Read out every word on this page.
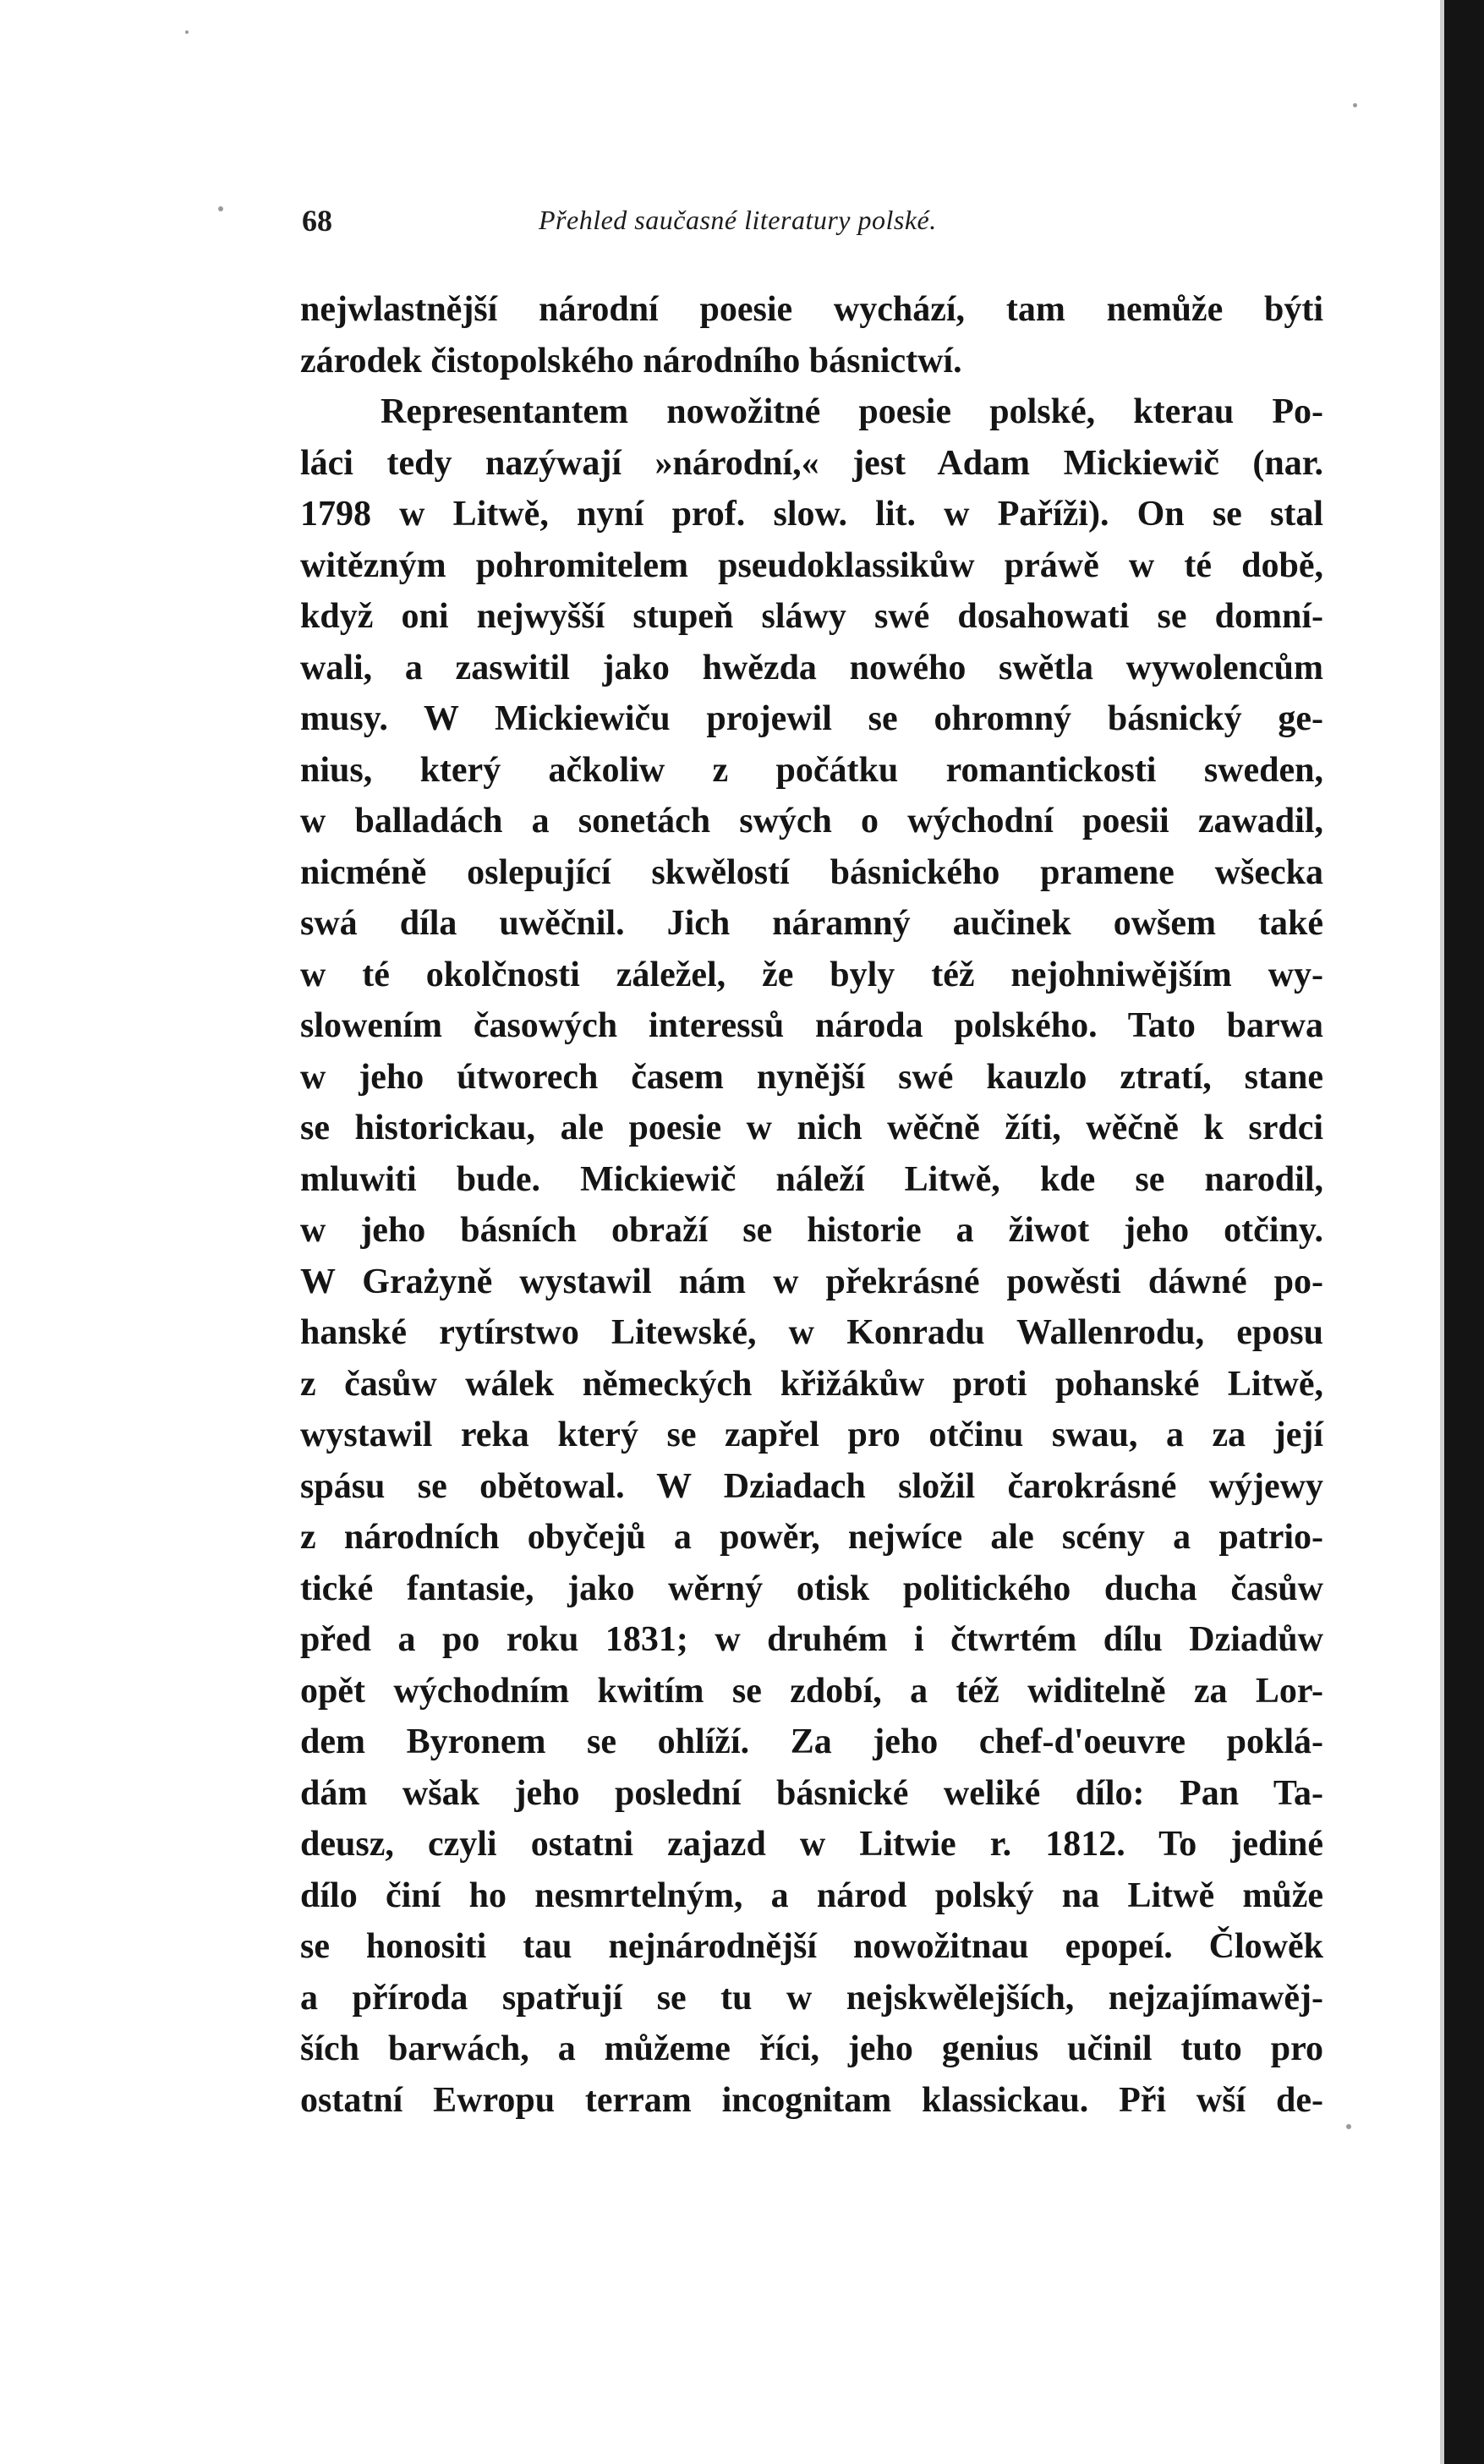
68	Přehled saučasné literatury polské.
nejwlastnější národní poesie wychází, tam nemůže býti
zárodek čistopolského národního básnictwí.
Representantem nowožitné poesie polské, kterau Po-
láci tedy nazýwají »národní,« jest Adam Mickiewič (nar.
1798 w Litwě, nyní prof. slow. lit. w Paříži). On se stal
witězným pohromitelem pseudoklassikůw práwě w té době,
když oni nejwyšší stupeň sláwy swé dosahowati se domní-
wali, a zaswitil jako hwězda nowého swětla wywolencům
musy. W Mickiewiču projewil se ohromný básnický ge-
nius, který ačkoliw z počátku romantickosti sweden,
w balladách a sonetách swých o wýchodní poesii zawadil,
nicméně oslepující skwělostí básnického pramene wšecka
swá díla uwěčnil. Jich náramný aučinek owšem také
w té okolčnosti záležel, že byly též nejohniwějším wy-
slowením časowých interessů národa polského. Tato barwa
w jeho útworech časem nynější swé kauzlo ztratí, stane
se historickau, ale poesie w nich wěčně žíti, wěčně k srdci
mluwiti bude. Mickiewič náleží Litwě, kde se narodil,
w jeho básních obraží se historie a žiwot jeho otčiny.
W Grażyně wystawil nám w překrásné powěsti dáwné po-
hanské rytírstwo Litewské, w Konradu Wallenrodu, eposu
z časůw wálek německých křižákůw proti pohanské Litwě,
wystawil reka který se zapřel pro otčinu swau, a za její
spásu se obětowal. W Dziadach složil čarokrásné wýjewy
z národních obyčejů a powěr, nejwíce ale scény a patrio-
tické fantasie, jako wěrný otisk politického ducha časůw
před a po roku 1831; w druhém i čtwrtém dílu Dziadůw
opět wýchodním kwitím se zdobí, a též widitelně za Lor-
dem Byronem se ohlíží. Za jeho chef-d'oeuvre poklá-
dám wšak jeho poslední básnické weliké dílo: Pan Ta-
deusz, czyli ostatni zajazd w Litwie r. 1812. To jediné
dílo činí ho nesmrtelným, a národ polský na Litwě může
se honositi tau nejnárodnější nowožitnau epopeí. Člowěk
a příroda spatřují se tu w nejskwělejších, nejzajímawěj-
ších barwách, a můžeme říci, jeho genius učinil tuto pro
ostatní Ewropu terram incognitam klassickau. Při wší de-
